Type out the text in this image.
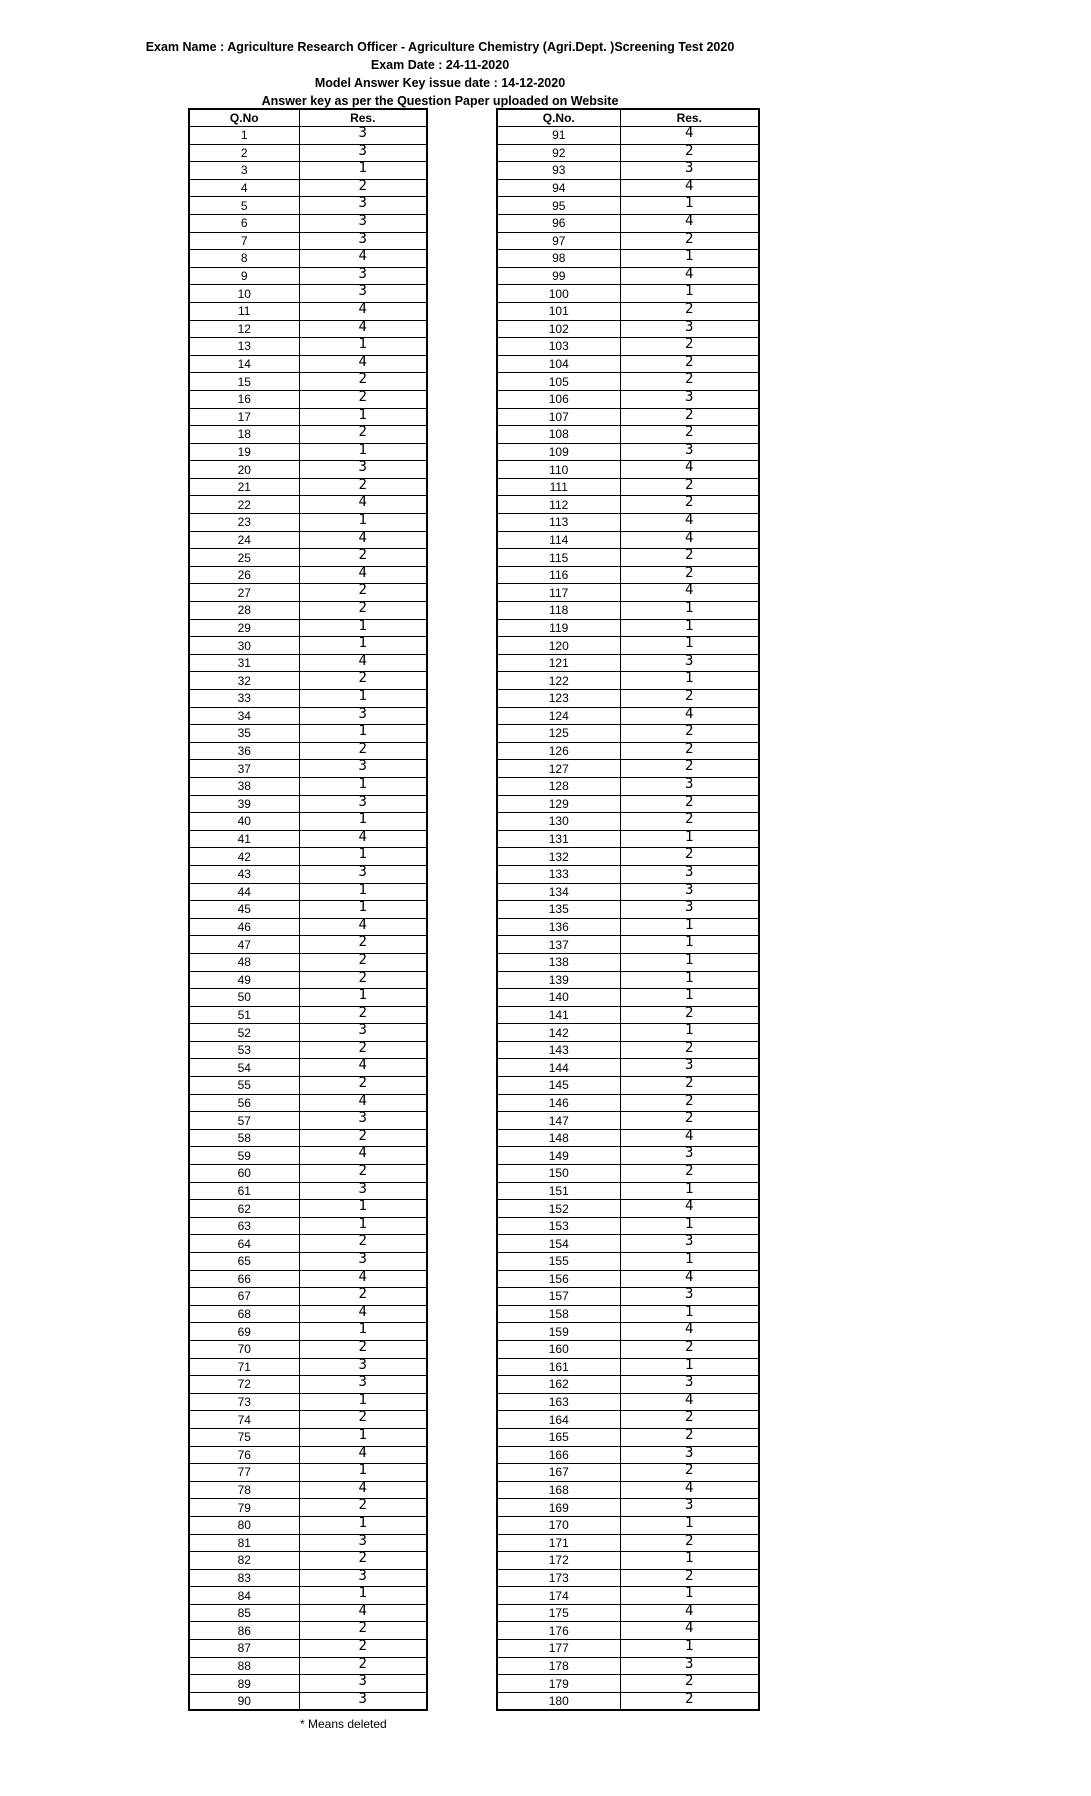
Exam Name : Agriculture Research Officer - Agriculture Chemistry (Agri.Dept. )Screening Test 2020
Exam Date : 24-11-2020
Model Answer Key issue date : 14-12-2020
Answer key as per the Question Paper uploaded on Website
Q.No	Res.
1	3
2	3
3	1
4	2
5	3
6	3
7	3
8	4
9	3
10	3
11	4
12	4
13	1
14	4
15	2
16	2
17	1
18	2
19	1
20	3
21	2
22	4
23	1
24	4
25	2
26	4
27	2
28	2
29	1
30	1
31	4
32	2
33	1
34	3
35	1
36	2
37	3
38	1
39	3
40	1
41	4
42	1
43	3
44	1
45	1
46	4
47	2
48	2
49	2
50	1
51	2
52	3
53	2
54	4
55	2
56	4
57	3
58	2
59	4
60	2
61	3
62	1
63	1
64	2
65	3
66	4
67	2
68	4
69	1
70	2
71	3
72	3
73	1
74	2
75	1
76	4
77	1
78	4
79	2
80	1
81	3
82	2
83	3
84	1
85	4
86	2
87	2
88	2
89	3
90	3
Q.No.	Res.
91	4
92	2
93	3
94	4
95	1
96	4
97	2
98	1
99	4
100	1
101	2
102	3
103	2
104	2
105	2
106	3
107	2
108	2
109	3
110	4
111	2
112	2
113	4
114	4
115	2
116	2
117	4
118	1
119	1
120	1
121	3
122	1
123	2
124	4
125	2
126	2
127	2
128	3
129	2
130	2
131	1
132	2
133	3
134	3
135	3
136	1
137	1
138	1
139	1
140	1
141	2
142	1
143	2
144	3
145	2
146	2
147	2
148	4
149	3
150	2
151	1
152	4
153	1
154	3
155	1
156	4
157	3
158	1
159	4
160	2
161	1
162	3
163	4
164	2
165	2
166	3
167	2
168	4
169	3
170	1
171	2
172	1
173	2
174	1
175	4
176	4
177	1
178	3
179	2
180	2
* Means deleted
